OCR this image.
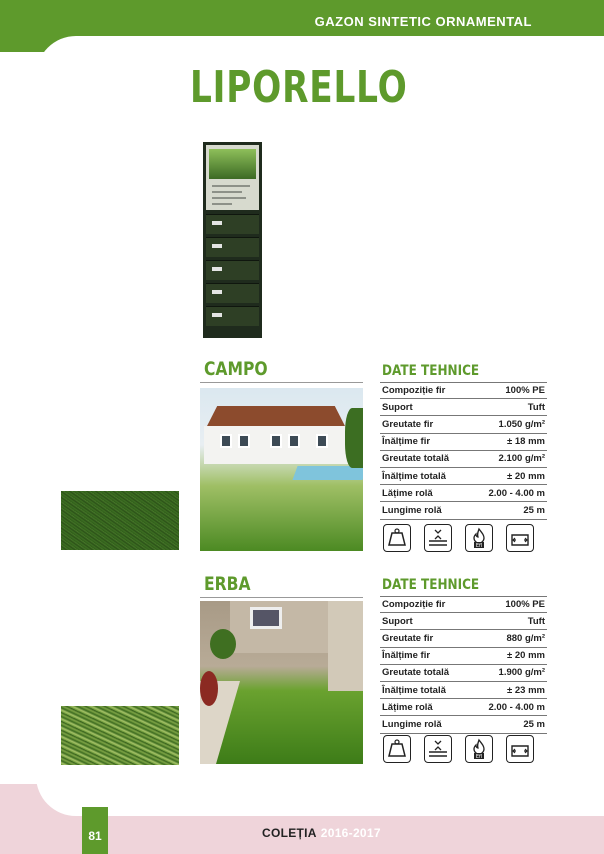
GAZON SINTETIC ORNAMENTAL
LIPORELLO
CAMPO	DATE TEHNICE
Compoziție fir	100% PE
Suport	Tuft
Greutate fir	1.050 g/m²
Înălțime fir	± 18 mm
Greutate totală	2.100 g/m²
Înălțime totală	± 20 mm
Lățime rolă	2.00 - 4.00 m
Lungime rolă	25 m
Efl
ERBA	DATE TEHNICE
Compoziție fir	100% PE
Suport	Tuft
Greutate fir	880 g/m²
Înălțime fir	± 20 mm
Greutate totală	1.900 g/m²
Înălțime totală	± 23 mm
Lățime rolă	2.00 - 4.00 m
Lungime rolă	25 m
Efl
81	COLEȚIA 2016-2017
